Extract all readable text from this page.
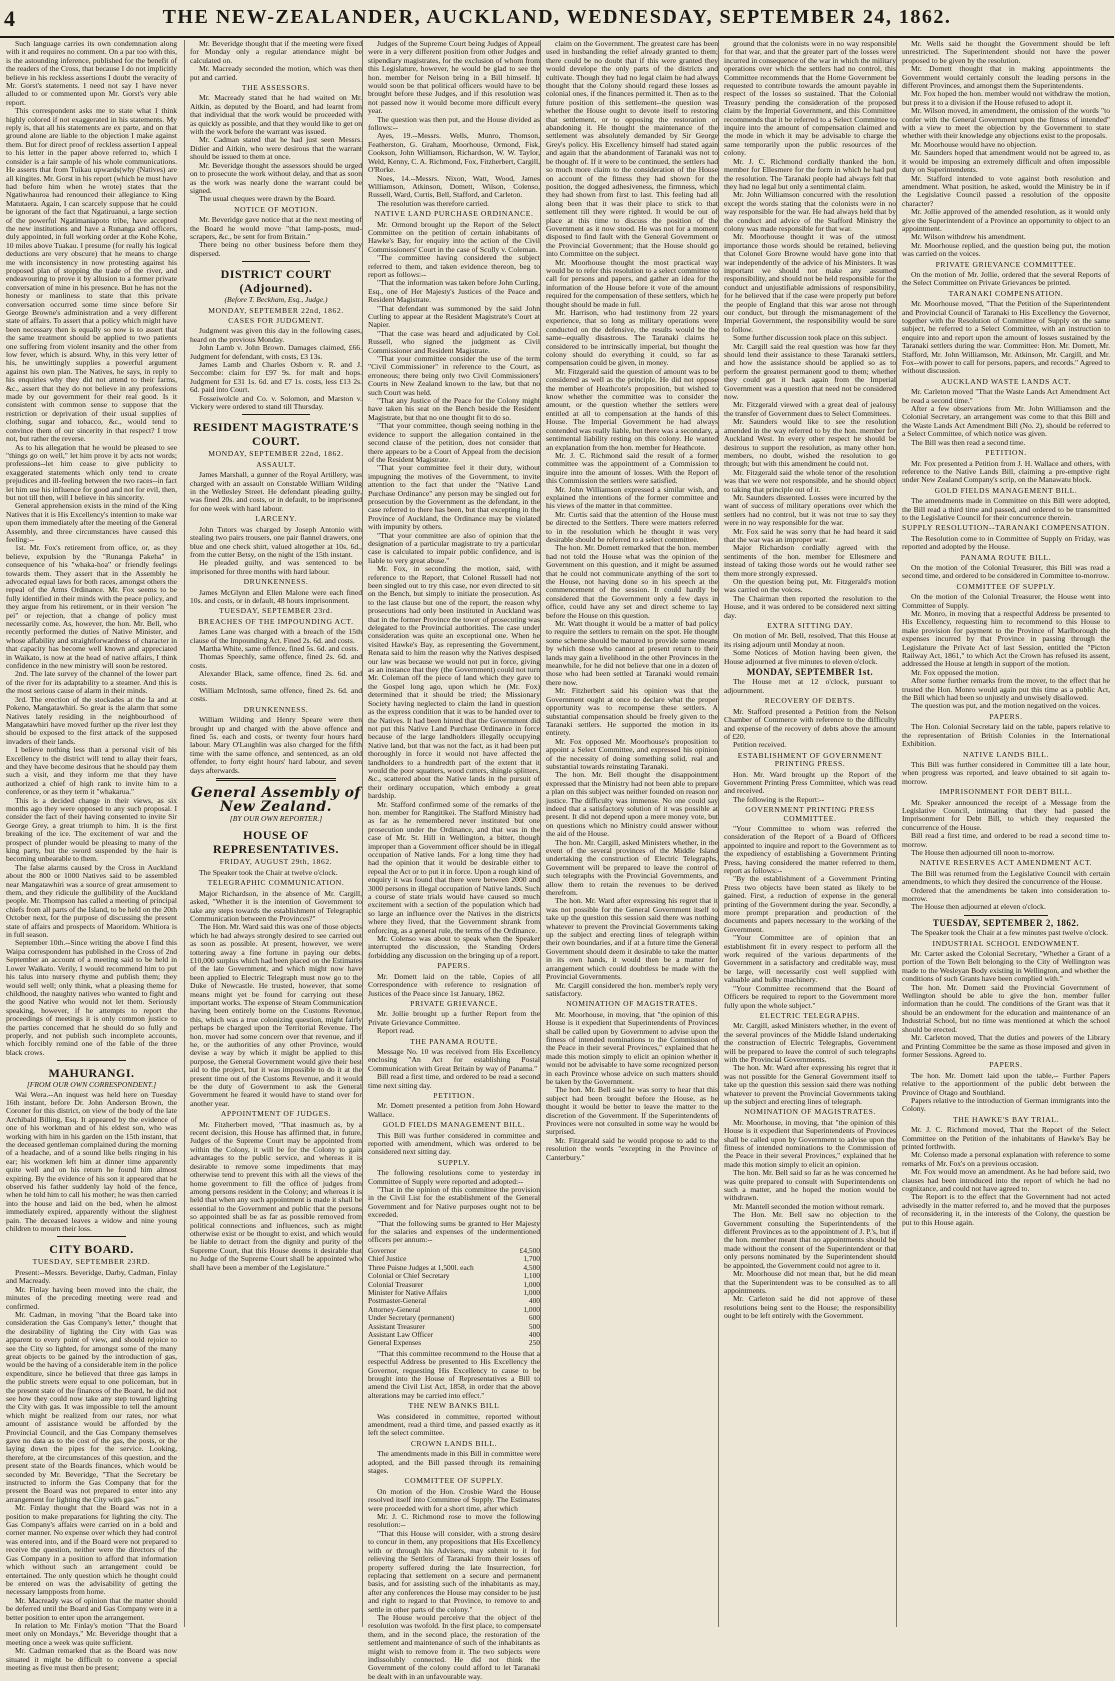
4	THE NEW-ZEALANDER, AUCKLAND, WEDNESDAY, SEPTEMBER 24, 1862.

Such language carries its own condemnation along with it and requires no comment. On a par too with this, is the astounding inference, published for the benefit of the readers of the Cross, that because I do not implicitly believe in his reckless assertions I doubt the veracity of Mr. Gorst's statements. I need not say I have never alluded to or commented upon Mr. Gorst's very able report.

This correspondent asks me to state what I think highly colored if not exaggerated in his statements. My reply is, that all his statements are ex parte, and on that ground alone are liable to the objection I make against them. But for direct proof of reckless assertion I appeal to his letter in the paper above referred to, which I consider is a fair sample of his whole communications. He asserts that from Tuikau upwards(why (Natives) are all kingites. Mr. Gorst in his report (which he must have had before him when he wrote) states that the Ngatiwhauroa had renounced their allegiance to King Matutaera. Again, I can scarcely suppose that he could be ignorant of the fact that Ngatiruanui, a large section of the powerful Ngatimaniapoto tribe, have accepted the new institutions and have a Runanga and officers, duly appointed, in full working order at the Kohe Kohe, 10 miles above Tuakau. I presume (for really his logical deductions are very obscure) that he means to charge me with inconsistency in now protesting against his proposed plan of stopping the trade of the river, and endeavouring to prove it by allusion to a former private conversation of mine in his presence. But he has not the honesty or manliness to state that this private conversation occurred some time since before Sir George Browne's administration and a very different state of affairs. To assert that a policy which might have been necessary then is equally so now is to assert that the same treatment should be applied to two patients one suffering from violent insanity and the other from low fever, which is absurd. Why, in this very letter of his, he unwittingly supplies a powerful argument against his own plan. The Natives, he says, in reply to his enquiries why they did not attend to their farms, &c., assert that they do not believe in any professions made by our government for their real good. Is it consistent with common sense to suppose that the restriction or deprivation of their usual supplies of clothing, sugar and tobacco, &c., would tend to convince them of our sincerity in that respect? I trow not, but rather the reverse.

As to his allegation that he would be pleased to see "things go on well," let him prove it by acts not words; professions--let him cease to give publicity to exaggerated statements which only tend to create prejudices and ill-feeling between the two races--in fact let him use his influence for good and not for evil, then, but not till then, will I believe in his sincerity.

General apprehension exists in the mind of the King Natives that it is His Excellency's intention to make war upon them immediately after the meeting of the General Assembly, and three circumstances have caused this feeling:--

1st. Mr. Fox's retirement from office, or, as they believe, expulsion by the "Runanga Pakeha" in consequence of his "whaka-hoa" or friendly feelings towards them. They assert that in the Assembly he advocated equal laws for both races, amongst others the repeal of the Arms Ordinance. Mr. Fox seems to be fully identified in their minds with the peace policy, and they argue from his retirement, or in their version "he pei" or rejection, that a change of policy must necessarily come. As, however, the hon. Mr. Bell, who recently performed the duties of Native Minister, and whose affability and straightforwardness of character in that capacity has become well known and appreciated in Waikato, is now at the head of native affairs, I think confidence in the new ministry will soon be restored.

2nd. The late survey of the channel of the lower part of the river for its adaptability to a steamer. And this is the most serious cause of alarm in their minds.

3rd. The erection of the stockades at the Ia and at Pokeno, Mangatawhiri. So great is the alarm that some Natives lately residing in the neighbourhood of Mangatawhiri have moved further up the river lest they should be exposed to the first attack of the supposed invaders of their lands.

I believe nothing less than a personal visit of his Excellency to the district will tend to allay their fears, and they have become desirous that he should pay them such a visit, and they inform me that they have authorized a chief of high rank to invite him to a conference, or as they term it "whakarua."

This is a decided change in their views, as six months ago they were opposed to any such proposal. I consider the fact of their having consented to invite Sir George Grey, a great triumph to him. It is the first breaking of the ice. The excitement of war and the prospect of plunder would be pleasing to many of the king party, but the sword suspended by the hair is becoming unbearable to them.

The false alarms caused by the Cross in Auckland about the 800 or 1000 Natives said to be assembled near Mangatawhiri was a source of great amusement to them, and they ridicule the gullibility of the Auckland people. Mr. Thompson has called a meeting of principal chiefs from all parts of the Island, to be held on the 20th October next, for the purpose of discussing the present state of affairs and prospects of Maoridom. Whitiora is in full season.

September 10th.--Since writing the above I find this Waipa correspondent has published in the Cross of 2nd September an account of a meeting said to be held in Lower Waikato. Verily, I would recommend him to put his talus into nursery rhyme and publish them; they would sell well; only think, what a pleasing theme for childhood, the naughty natives who wanted to fight and the good Native who would not let them. Seriously speaking, however, if he attempts to report the proceedings of meetings it is only common justice to the parties concerned that he should do so fully and properly, and not publish such incomplete accounts, which forcibly remind one of the fable of the three black crows.

MAHURANGI.
[FROM OUR OWN CORRESPONDENT.]

Wai Wera.--An inquest was held here on Tuesday 16th instant, before Dr. John Anderson Brown, the Coroner for this district, on view of the body of the late Archibald Billing, Esq. It appeared by the evidence of one of his workman and of his eldest son, who was working with him in his garden on the 15th instant, that the deceased gentleman complained during the morning of a headache, and of a sound like bells ringing in his ear; his workmen left him at dinner time apparently quite well and on his return he found him almost expiring. By the evidence of his son it appeared that he observed his father suddenly lay hold of the fence, when he told him to call his mother; he was then carried into the house and laid on the bed, when he almost immediately expired, apparently without the slightest pain. The deceased leaves a widow and nine young children to mourn their loss.

CITY BOARD.
TUESDAY, SEPTEMBER 23RD.

Present:--Messrs. Beveridge, Darby, Cadman, Finlay and Macready.

Mr. Finlay having been moved into the chair, the minutes of the preceding meeting were read and confirmed.

Mr. Cadman, in moving "that the Board take into consideration the Gas Company's letter," thought that the desirability of lighting the City with Gas was apparent to every point of view, and should rejoice to see the City so lighted, for amongst some of the many great objects to be gained by the introduction of gas, would be the having of a considerable item in the police expenditure, since he believed that three gas lamps in the public streets were equal to one policeman, but in the present state of the finances of the Board, he did not see how they could now take any step toward lighting the City with gas. It was impossible to tell the amount which might be realized from our rates, nor what amount of assistance would be afforded by the Provincial Council, and the Gas Company themselves gave no data as to the cost of the gas, the posts, or the laying down the pipes for the service. Looking, therefore, at the circumstances of this question, and the present state of the Boards finances, which would be seconded by Mr. Beveridge, "That the Secretary be instructed to inform the Gas Company that for the present the Board was not prepared to enter into any arrangement for lighting the City with gas."

Mr. Finlay thought that the Board was not in a position to make preparations for lighting the city. The Gas Company's affairs were carried on in a bold and corner manner. No expense over which they had control was entered into, and if the Board were not prepared to receive the question, neither were the directors of the Gas Company in a position to afford that information which without such an arrangement could be entertained. The only question which he thought could be entered on was the advisability of getting the necessary lampposts from home.

Mr. Macready was of opinion that the matter should be deferred until the Board and Gas Company were in a better position to enter upon the arrangement.

In relation to Mr. Finlay's motion "That the Board meet only on Mondays," Mr. Beveridge thought that a meeting once a week was quite sufficient.

Mr. Cadman remarked that as the Board was now situated it might be difficult to convene a special meeting as five must then be present;

Mr. Beveridge thought that if the meeting were fixed for Monday only a regular attendance might be calculated on.

Mr. Macready seconded the motion, which was then put and carried.

THE ASSESSORS.

Mr. Macready stated that he had waited on Mr. Aitkin, as deputed by the Board, and had learnt from that individual that the work would be proceeded with as quickly as possible, and that they would like to get on with the work before the warrant was issued.

Mr. Cadman stated that he had just seen Messrs. Didier and Aitkin, who were desirous that the warrant should be issued to them at once.

Mr. Beveridge thought the assessors should be urged on to prosecute the work without delay, and that as soon as the work was nearly done the warrant could be signed.

The usual cheques were drawn by the Board.

NOTICE OF MOTION.

Mr. Beveridge gave notice that at the next meeting of the Board he would move "that lamp-posts, mud-scrapers, &c., be sent for from Britain."

There being no other business before them they dispersed.

DISTRICT COURT (Adjourned).
(Before T. Beckham, Esq., Judge.)
MONDAY, SEPTEMBER 22nd, 1862.
CASES FOR JUDGMENT.

Judgment was given this day in the following cases, heard on the previous Monday.

John Lamb v. John Brown. Damages claimed, £66. Judgment for defendant, with costs, £3 13s.

James Lamb and Charles Osborn v. R. and J. Seccombe: claim for £97 9s. for malt and hops. Judgment for £31 1s. 6d. and £7 1s. costs, less £13 2s. 6d. paid into Court.

Fosseiwolcle and Co. v. Solomon, and Marston v. Vickery were ordered to stand till Thursday.

RESIDENT MAGISTRATE'S COURT.
MONDAY, SEPTEMBER 22nd, 1862.
ASSAULT.

James Marshall, a gunner of the Royal Artillery, was charged with an assault on Constable William Wilding in the Wellesley Street. He defendant pleading guilty, was fined 20s. and costs, or in default, to be imprisoned for one week with hard labour.

LARCENY.

John Tutors was charged by Joseph Antonio with stealing two pairs trousers, one pair flannel drawers, one blue and one check shirt, valued altogether at 10s. 6d., from the cutter Betsy, on the night of the 15th instant.

He pleaded guilty, and was sentenced to be imprisoned for three months with hard labour.

DRUNKENNESS.

James McGlynn and Ellen Malone were each fined 10s. and costs, or in default, 48 hours imprisonment.

TUESDAY, SEPTEMBER 23rd.
BREACHES OF THE IMPOUNDING ACT.

James Lane was charged with a breach of the 15th clause of the Impounding Act. Fined 2s. 6d. and costs.

Martha White, same offence, fined 5s. 6d. and costs.

Thomas Speechly, same offence, fined 2s. 6d. and costs.

Alexander Black, same offence, fined 2s. 6d. and costs.

William McIntosh, same offence, fined 2s. 6d. and costs.

DRUNKENNESS.

William Wilding and Henry Speare were then brought up and charged with the above offence and fined 5s. each and costs, or twenty four hours hard labour. Mary O'Laughlin was also charged for the fifth time with the same offence, and sentenced, as an old offender, to forty eight hours' hard labour, and seven days afterwards.

General Assembly of New Zealand.
[BY OUR OWN REPORTER.]
HOUSE OF REPRESENTATIVES.
FRIDAY, AUGUST 29th, 1862.

The Speaker took the Chair at twelve o'clock.

TELEGRAPHIC COMMUNICATION.

Major Richardson, in the absence of Mr. Cargill, asked, "Whether it is the intention of Government to take any steps towards the establishment of Telegraphic Communication between the Provinces?"

The Hon. Mr. Ward said this was one of those objects which he had always strongly desired to see carried out as soon as possible. At present, however, we were tottering away a fine fortune in paying our debts. £10,000 surplus which had been placed on the Estimates of the late Government, and which might now have been applied to Electric Telegraph must now go to the Duke of Newcastle. He trusted, however, that some means might yet be found for carrying out these important works. The expense of Steam Communication having been entirely borne on the Customs Revenue, this, which was a true colonizing question, might fairly perhaps be charged upon the Territorial Revenue. The hon. mover had some concern over that revenue, and if he, or the authorities of any other Province, would devise a way by which it might be applied to this purpose, the General Government would give their best aid to the project, but it was impossible to do it at the present time out of the Customs Revenue, and it would be the duty of Government to ask the General Government he feared it would have to stand over for another year.

APPOINTMENT OF JUDGES.

Mr. Fitzherbert moved, "That inasmuch as, by a recent decision, this House has affirmed that, in future, Judges of the Supreme Court may be appointed from within the Colony, it will be for the Colony to gain advantages to the public service, and whereas it is desirable to remove some impediments that may otherwise tend to prevent this with all the views of the home government to fill the office of judges from among persons resident in the Colony; and whereas it is held that when any such appointment is made it shall be essential to the Government and public that the persons so appointed shall be as far as possible removed from political connections and influences, such as might otherwise exist or be thought to exist, and which would be liable to detract from the dignity and purity of the Supreme Court, that this House deems it desirable that no Judge of the Supreme Court shall be appointed who shall have been a member of the Legislature."

Judges of the Supreme Court being Judges of Appeal were in a very different position from other Judges and stipendiary magistrates, for the exclusion of whom from this Legislature, however, he would be glad to see the hon. member for Nelson bring in a Bill himself. It would soon be that political officers would have to be brought before these Judges, and if this resolution was not passed now it would become more difficult every year.

The question was then put, and the House divided as follows:--

Ayes, 19.--Messrs. Wells, Munro, Thomson, Featherston, G. Graham, Moorhouse, Ormond, Fisk, Cookson, John Williamson, Richardson, W. W. Taylor, Weld, Kenny, C. A. Richmond, Fox, Fitzherbert, Cargill, O'Rorke.

Noes, 14.--Messrs. Nixon, Watt, Wood, James Williamson, Atkinson, Domett, Wilson, Colenso, Russell, Ward, Curtis, Bell, Stafford, and Carleton.

The resolution was therefore carried.

NATIVE LAND PURCHASE ORDINANCE.

Mr. Ormond brought up the Report of the Select Committee on the petition of certain inhabitants of Hawke's Bay, for enquiry into the action of the Civil Commissioners' Court in the case of Scully v. Coleman.

"The committee having considered the subject referred to them, and taken evidence thereon, beg to report as follows:--

"That the information was taken before John Curling, Esq., one of Her Majesty's Justices of the Peace and Resident Magistrate.

"That defendant was summoned by the said John Curling to appear at the Resident Magistrate's Court at Napier.

"That the case was heard and adjudicated by Col. Russell, who signed the judgment as Civil Commissioner and Resident Magistrate.

"That your committee consider the use of the term "Civil Commissioner" in reference to the Court, as erroneous; there being only two Civil Commissioners' Courts in New Zealand known to the law, but that no such Court was held.

"That any Justice of the Peace for the Colony might have taken his seat on the Bench beside the Resident Magistrate, but that no one thought fit to do so.

"That your committee, though seeing nothing in the evidence to support the allegation contained in the second clause of the petition, does not consider that there appears to be a Court of Appeal from the decision of the Resident Magistrate.

"That your committee feel it their duty, without impugning the motives of the Government, to invite attention to the fact that under the "Native Land Purchase Ordinance" any person may be singled out for prosecution by the Government as the defendant, in the case referred to there has been, but that excepting in the Province of Auckland, the Ordinance may be violated with impunity by others.

"That your committee are also of opinion that the designation of a particular magistrate to try a particular case is calculated to impair public confidence, and is liable to very great abuse."

Mr. Fox, in seconding the motion, said, with reference to the Report, that Colonel Russell had not been singled out to try this case, nor even directed to sit on the Bench, but simply to initiate the prosecution. As to the last clause but one of the report, the reason why prosecutions had only been instituted in Auckland was that in the former Province the tower of prosecuting was delegated to the Provincial authorities. The case under consideration was quite an exceptional one. When he visited Hawke's Bay, as representing the Government, Renata said to him the reason why the Natives despised our law was because we would not put in force, giving as an instance that they (the Government) could not turn Mr. Coleman off the piece of land which they gave to the Gospel long ago, upon which he (Mr. Fox) determined that it should be tried; the Missionary Society having neglected to claim the land in question as the express condition that it was to be handed over to the Natives. It had been hinted that the Government did not put this Native Land Purchase Ordinance in force because of the large landholders illegally occupying Native land, but that was not the fact, as it had been put thoroughly in force it would not have affected the landholders to a hundredth part of the extent that it would the poor squatters, wood cutters, shingle splitters, &c., scattered about the Native lands in the pursuit of their ordinary occupation, which embody a great hardship.

Mr. Stafford confirmed some of the remarks of the hon. member for Rangitikei. The Stafford Ministry had as far as he remembered never instituted but one prosecution under the Ordinance, and that was in the case of Mr. St. Hill in Wellington, a bitter, though improper than a Government officer should be in illegal occupation of Native lands. For a long time they had had the opinion that it would be desirable either to repeal the Act or to put it in force. Upon a rough kind of enquiry it was found that there were between 2000 and 3000 persons in illegal occupation of Native lands. Such a course of state trials would have caused so much excitement with a section of the population which had so large an influence over the Natives in the districts where they lived, that the Government shrank from enforcing, as a general rule, the terms of the Ordinance.

Mr. Colenso was about to speak when the Speaker interrupted the discussion, the Standing Orders forbidding any discussion on the bringing up of a report.

PAPERS.

Mr. Domett laid on the table, Copies of all Correspondence with reference to resignation of Justices of the Peace since 1st January, 1862.

PRIVATE GRIEVANCE.

Mr. Jollie brought up a further Report from the Private Grievance Committee.

Report read.

THE PANAMA ROUTE.

Message No. 10 was received from His Excellency enclosing "An Act for establishing Postal Communication with Great Britain by way of Panama."

Bill read a first time, and ordered to be read a second time next sitting day.

PETITION.

Mr. Domett presented a petition from John Howard Wallace.

GOLD FIELDS MANAGEMENT BILL.

This Bill was further considered in committee and reported with amendment, which was ordered to be considered next sitting day.

SUPPLY.

The following resolutions come to yesterday in Committee of Supply were reported and adopted:--

"That in the opinion of this committee the provision in the Civil List for the establishment of the General Government and for Native purposes ought not to be exceeded.

"That the following sums be granted to Her Majesty for the salaries and expenses of the undermentioned officers per annum:--

Governor	£4,500
Chief Justice	1,700
Three Puisne Judges at 1,500l. each	4,500
Colonial or Chief Secretary	1,100
Colonial Treasurer	1,000
Minister for Native Affairs	1,000
Postmaster-General	400
Attorney-General	1,000
Under Secretary (permanent)	600
Assistant Treasurer	500
Assistant Law Officer	400
General Expenses	250

"That this committee recommend to the House that a respectful Address be presented to His Excellency the Governor, requesting His Excellency to cause to be brought into the House of Representatives a Bill to amend the Civil List Act, 1858, in order that the above alterations may be carried into effect."

THE NEW BANKS BILL

Was considered in committee, reported without amendment, read a third time, and passed exactly as it left the select committee.

CROWN LANDS BILL.

The amendments made in this Bill in committee were adopted, and the Bill passed through its remaining stages.

COMMITTEE OF SUPPLY.

On motion of the Hon. Crosbie Ward the House resolved itself into Committee of Supply. The Estimates were proceeded with for a short time, after which

Mr. J. C. Richmond rose to move the following resolution:--

"That this House will consider, with a strong desire to concur in them, any propositions that His Excellency with or through his Advisers, may submit to it for relieving the Settlers of Taranaki from their losses of property suffered during the late Insurrection, for replacing that settlement on a secure and permanent basis, and for assisting such of the inhabitants as may, after any conferences the House may consider to be just and right to regard to that Province, to remove to and settle in other parts of the colony."

The House would perceive that the object of the resolution was twofold. In the first place, to compensate them, and in the second place, the restoration of the settlement and maintenance of such of the inhabitants as might wish to remove from it. The two subjects were indissolubly connected. He did not think the Government of the colony could afford to let Taranaki be dealt with in an unfavourable way.

claim on the Government. The greatest care has been used in husbanding the relief already granted to them; there could be no doubt that if this were granted they would develope the only parts of the districts and cultivate. Though they had no legal claim he had always thought that the Colony should regard these losses as colonial ones, if the finances permitted it. Then as to the future position of this settlement--the question was whether the House ought to devote itself to restoring that settlement, or to opposing the restoration or abandoning it. He thought the maintenance of the settlement was absolutely demanded by Sir George Grey's policy. His Excellency himself had stated again and again that the abandonment of Taranaki was not to be thought of. If it were to be continued, the settlers had so much more claim to the consideration of the House on account of the fitness they had shown for the position, the dogged adhesiveness, the firmness, which they had shown from first to last. This feeling had all along been that it was their place to stick to that settlement till they were righted. It would be out of place at this time to discuss the position of the Government as it now stood. He was not for a moment disposed to find fault with the General Government or the Provincial Government; that the House should go into Committee on the subject.

Mr. Moorhouse thought the most practical way would be to refer this resolution to a select committee to call for persons and papers, and gather an idea for the information of the House before it vote of the amount required for the compensation of these settlers, which he thought should be made in full.

Mr. Harrison, who had testimony from 22 years experience, that so long as military operations were conducted on the defensive, the results would be the same--equally disastrous. The Taranaki claims he considered to be intrinsically imperial, but thought the colony should do everything it could, so far as compensation could be given, in money.

Mr. Fitzgerald said the question of amount was to be considered as well as the principle. He did not oppose the member of Heathcote's proposition, but wished to know whether the committee was to consider the amount, or the question whether the settlers were entitled at all to compensation at the hands of this House. The Imperial Government he had always contended was really liable, but there was a secondary, a sentimental liability resting on this colony. He wanted an explanation from the hon. member for Heathcote.

Mr. J. C. Richmond said the result of a former committee was the appointment of a Commission to inquire into the amount of losses. With the Report of this Commission the settlers were satisfied.

Mr. John Williamson expressed a similar wish, and explained the intentions of the former committee and his views of the matter in that committee.

Mr. Curtis said that the attention of the House must be directed to the Settlers. There were matters referred to in the resolution which he thought it was very desirable should be referred to a select committee.

The hon. Mr. Domett remarked that the hon. member had not told the House what was the opinion of the Government on this question, and it might be assumed that he could not communicate anything of the sort to the House, not having done so in his speech at the commencement of the session. It could hardly be considered that the Government only a few days in office, could have any set and direct scheme to lay before the House on this question.

Mr. Watt thought it would be a matter of bad policy to require the settlers to remain on the spot. He thought some scheme should be matured to provide some means by which those who cannot at present return to their lands may gain a livelihood in the other Provinces in the meanwhile, for he did not believe that one in a dozen of those who had been settled at Taranaki would remain there now.

Mr. Fitzherbert said his opinion was that the Government ought at once to declare what the proper opportunity was to recompense these settlers. A substantial compensation should be freely given to the Taranaki settlers. He supported the motion in its entirety.

Mr. Fox opposed Mr. Moorhouse's proposition to appoint a Select Committee, and expressed his opinion of the necessity of doing something solid, real and substantial towards reinstating Taranaki.

The hon. Mr. Bell thought the disappointment expressed that the Ministry had not been able to prepare a plan on this subject was neither founded on reason nor justice. The difficulty was immense. No one could say indeed that a satisfactory solution of it was possible at present. It did not depend upon a mere money vote, but on questions which no Ministry could answer without the aid of the House.

The hon. Mr. Cargill, asked Ministers whether, in the event of the several provinces of the Middle Island undertaking the construction of Electric Telegraphs, Government will be prepared to leave the control of such telegraphs with the Provincial Governments, and allow them to retain the revenues to be derived therefrom.

The hon. Mr. Ward after expressing his regret that it was not possible for the General Government itself to take up the question this session said there was nothing whatever to prevent the Provincial Governments taking up the subject and erecting lines of telegraph within their own boundaries, and if at a future time the General Government should deem it desirable to take the matter in its own hands, it would then be a matter for arrangement which could doubtless be made with the Provincial Governments.

Mr. Cargill considered the hon. member's reply very satisfactory.

NOMINATION OF MAGISTRATES.

Mr. Moorhouse, in moving, that "the opinion of this House is it expedient that Superintendents of Provinces shall be called upon by Government to advise upon the fitness of intended nominations to the Commission of the Peace in their several Provinces," explained that he made this motion simply to elicit an opinion whether it would not be advisable to have some recognized person in each Province whose advice on such matters should be taken by the Government.

The hon. Mr. Bell said he was sorry to hear that this subject had been brought before the House, as he thought it would be better to leave the matter to the discretion of the Government. If the Superintendents of Provinces were not consulted in some way he would be surprised.

Mr. Fitzgerald said he would propose to add to the resolution the words "excepting in the Province of Canterbury."

ground that the colonists were in no way responsible for that war, and that the greater part of the losses were incurred in consequence of the war in which the military operations over which the settlers had no control, this Committee recommends that the Home Government be requested to contribute towards the amount payable in respect of the losses so sustained. That the Colonial Treasury pending the consideration of the proposed claim by the Imperial Government, and this Committee recommends that it be referred to a Select Committee to inquire into the amount of compensation claimed and the mode in which it may be advisable to charge the same temporarily upon the public resources of the colony.

Mr. J. C. Richmond cordially thanked the hon. member for Ellesmere for the form in which he had put the resolution. The Taranaki people had always felt that they had no legal but only a sentimental claim.

Mr. John Williamson concurred with the resolution except the words stating that the colonists were in no way responsible for the war. He had always held that by the conduct and advice of the Stafford Ministry the colony was made responsible for that war.

Mr. Moorhouse thought it was of the utmost importance those words should be retained, believing that Colonel Gore Browne would have gone into that war independently of the advice of his Ministers. It was important we should not make any assumed responsibility, and should not be held responsible for the conduct and unjustifiable admissions of responsibility, for he believed that if the case were properly put before the people of England that this war arose not through our conduct, but through the mismanagement of the Imperial Government, the responsibility would be sure to follow.

Some further discussion took place on this subject.

Mr. Cargill said the real question was how far they should lend their assistance to these Taranaki settlers, and how the assistance should be applied so as to perform the greatest permanent good to them; whether they could get it back again from the Imperial Government was a question that need not be considered now.

Mr. Fitzgerald viewed with a great deal of jealousy the transfer of Government dues to Select Committees.

Mr. Saunders would like to see the resolution amended in the way referred to by the hon. member for Auckland West. In every other respect he should be desirous to support the resolution, as many other hon. members, no doubt, wished the resolution to go through; but with this amendment he could not.

Mr. Fitzgerald said the whole tenor of the resolution was that we were not responsible, and he should object to taking that principle out of it.

Mr. Saunders dissented. Losses were incurred by the want of success of military operations over which the settlers had no control, but it was not true to say they were in no way responsible for the war.

Mr. Fox said he was sorry that he had heard it said that the war was an improper war.

Major Richardson cordially agreed with the sentiments of the hon. member for Ellesmere and instead of taking those words out he would rather see them more strongly expressed.

On the question being put, Mr. Fitzgerald's motion was carried on the voices.

The Chairman then reported the resolution to the House, and it was ordered to be considered next sitting day.

EXTRA SITTING DAY.

On motion of Mr. Bell, resolved, That this House at its rising adjourn until Monday at noon.

Some Notices of Motion having been given, the House adjourned at five minutes to eleven o'clock.

MONDAY, SEPTEMBER 1st.

The House met at 12 o'clock, pursuant to adjournment.

RECOVERY OF DEBTS.

Mr. Stafford presented a Petition from the Nelson Chamber of Commerce with reference to the difficulty and expense of the recovery of debts above the amount of £20.

Petition received.

ESTABLISHMENT OF GOVERNMENT PRINTING PRESS.

Hon. Mr. Ward brought up the Report of the Government Printing Press Committee, which was read and received.

The following is the Report:--

GOVERNMENT PRINTING PRESS COMMITTEE.

"Your Committee to whom was referred the consideration of the Report of a Board of Officers appointed to inquire and report to the Government as to the expediency of establishing a Government Printing Press, having considered the matter referred to them, report as follows:--

"By the establishment of a Government Printing Press two objects have been stated as likely to be gained. First, a reduction of expense in the general printing of the Government during the year. Secondly, a more prompt preparation and production of the documents and papers necessary to the working of the Government.

"Your Committee are of opinion that an establishment fit in every respect to perform all the work required of the various departments of the Government in a satisfactory and creditable way, must be large, will necessarily cost well supplied with valuable and bulky machinery.

"Your Committee recommend that the Board of Officers be required to report to the Government more fully upon the whole subject."

ELECTRIC TELEGRAPHS.

Mr. Cargill, asked Ministers whether, in the event of the several provinces of the Middle Island undertaking the construction of Electric Telegraphs, Government will be prepared to leave the control of such telegraphs with the Provincial Governments.

The hon. Mr. Ward after expressing his regret that it was not possible for the General Government itself to take up the question this session said there was nothing whatever to prevent the Provincial Governments taking up the subject and erecting lines of telegraph.

NOMINATION OF MAGISTRATES.

Mr. Moorhouse, in moving, that "the opinion of this House is it expedient that Superintendents of Provinces shall be called upon by Government to advise upon the fitness of intended nominations to the Commission of the Peace in their several Provinces," explained that he made this motion simply to elicit an opinion.

The hon. Mr. Bell said so far as he was concerned he was quite prepared to consult with Superintendents on such a matter, and he hoped the motion would be withdrawn.

Mr. Mantell seconded the motion without remark.

The Hon. Mr. Bell saw no objection to the Government consulting the Superintendents of the different Provinces as to the appointment of J. P.'s, but if the hon. member meant that no appointments should be made without the consent of the Superintendent or that only persons nominated by the Superintendent should be appointed, the Government could not agree to it.

Mr. Moorhouse did not mean that, but he did mean that the Superintendent was to be consulted as to all appointments.

Mr. Carleton said he did not approve of these resolutions being sent to the House; the responsibility ought to be left entirely with the Government.

Mr. Wells said he thought the Government should be left unrestricted. The Superintendent should not have the power proposed to be given by the resolution.

Mr. Domett thought that in making appointments the Government would certainly consult the leading persons in the different Provinces, and amongst them the Superintendents.

Mr. Fox hoped the hon. member would not withdraw the motion, but press it to a division if the House refused to adopt it.

Mr. Wilson moved, in amendment, the omission of the words "to confer with the General Government upon the fitness of intended" with a view to meet the objection by the Government to state whether with their knowledge any objections exist to the proposals.

Mr. Moorhouse would have no objection.

Mr. Saunders hoped that amendment would not be agreed to, as it would be imposing an extremely difficult and often impossible duty on Superintendents.

Mr. Stafford intended to vote against both resolution and amendment. What position, he asked, would the Ministry be in if the Legislative Council passed a resolution of the opposite character?

Mr. Jollie approved of the amended resolution, as it would only give the Superintendent of a Province an opportunity to object to an appointment.

Mr. Wilson withdrew his amendment.

Mr. Moorhouse replied, and the question being put, the motion was carried on the voices.

PRIVATE GRIEVANCE COMMITTEE.

On the motion of Mr. Jollie, ordered that the several Reports of the Select Committee on Private Grievances be printed.

TARANAKI COMPENSATION.

Mr. Moorhouse moved, "That the Petition of the Superintendent and Provincial Council of Taranaki to His Excellency the Governor, together with the Resolution of Committee of Supply on the same subject, be referred to a Select Committee, with an instruction to enquire into and report upon the amount of losses sustained by the Taranaki settlers during the war. Committee: Hon. Mr. Domett, Mr. Stafford, Mr. John Williamson, Mr. Atkinson, Mr. Cargill, and Mr. Fox--with power to call for persons, papers, and records." Agreed to without discussion.

AUCKLAND WASTE LANDS ACT.

Mr. Carleton moved "That the Waste Lands Act Amendment Act be read a second time."

After a few observations from Mr. John Williamson and the Colonial Secretary, an arrangement was come to that this Bill and the Waste Lands Act Amendment Bill (No. 2), should be referred to a Select Committee, of which notice was given.

The Bill was then read a second time.

PETITION.

Mr. Fox presented a Petition from J. H. Wallace and others, with reference to the Native Lands Bill, claiming a pre-emptive right under New Zealand Company's scrip, on the Manawatu block.

GOLD FIELDS MANAGEMENT BILL.

The amendments made in Committee on this Bill were adopted, the Bill read a third time and passed, and ordered to be transmitted to the Legislative Council for their concurrence therein.

SUPPLY RESOLUTION--TARANAKI COMPENSATION.

The Resolution come to in Committee of Supply on Friday, was reported and adopted by the House.

PANAMA ROUTE BILL.

On the motion of the Colonial Treasurer, this Bill was read a second time, and ordered to be considered in Committee to-morrow.

COMMITTEE OF SUPPLY.

On the motion of the Colonial Treasurer, the House went into Committee of Supply.

Mr. Monro, in moving that a respectful Address be presented to His Excellency, requesting him to recommend to this House to make provision for payment to the Province of Marlborough the expenses incurred by that Province in passing through the Legislature the Private Act of last Session, entitled the "Picton Railway Act, 1861," to which Act the Crown has refused its assent, addressed the House at length in support of the motion.

Mr. Fox opposed the motion.

After some further remarks from the mover, to the effect that he trusted the Hon. Monro would again put this time as a public Act, the Bill which had been so unjustly and unwisely disallowed.

The question was put, and the motion negatived on the voices.

PAPERS.

The Hon. Colonial Secretary laid on the table, papers relative to the representation of British Colonies in the International Exhibition.

NATIVE LANDS BILL.

This Bill was further considered in Committee till a late hour, when progress was reported, and leave obtained to sit again to-morrow.

IMPRISONMENT FOR DEBT BILL.

Mr. Speaker announced the receipt of a Message from the Legislative Council, intimating that they had passed the Imprisonment for Debt Bill, to which they requested the concurrence of the House.

Bill read a first time, and ordered to be read a second time to-morrow.

The House then adjourned till noon to-morrow.

NATIVE RESERVES ACT AMENDMENT ACT.

The Bill was returned from the Legislative Council with certain amendments, to which they desired the concurrence of the House.

Ordered that the amendments be taken into consideration to-morrow.

The House then adjourned at eleven o'clock.

TUESDAY, SEPTEMBER 2, 1862.

The Speaker took the Chair at a few minutes past twelve o'clock.

INDUSTRIAL SCHOOL ENDOWMENT.

Mr. Carter asked the Colonial Secretary, "Whether a Grant of a portion of the Town Belt belonging to the City of Wellington was made to the Wesleyan Body existing in Wellington, and whether the conditions of such Grants have been complied with."

The hon. Mr. Domett said the Provincial Government of Wellington should be able to give the hon. member fuller information than he could. The conditions of the Grant was that it should be an endowment for the education and maintenance of an Industrial School, but no time was mentioned at which the school should be erected.

Mr. Carleton moved, That the duties and powers of the Library and Printing Committee be the same as those imposed and given in former Sessions. Agreed to.

PAPERS.

The hon. Mr. Domett laid upon the table,-- Further Papers relative to the apportionment of the public debt between the Province of Otago and Southland.

Papers relative to the introduction of German immigrants into the Colony.

THE HAWKE'S BAY TRIAL.

Mr. J. C. Richmond moved, That the Report of the Select Committee on the Petition of the inhabitants of Hawke's Bay be printed forthwith.

Mr. Colenso made a personal explanation with reference to some remarks of Mr. Fox's on a previous occasion.

Mr. Fox would move an amendment. As he had before said, two clauses had been introduced into the report of which he had no cognizance, and could not have agreed to.

The Report is to the effect that the Government had not acted advisedly in the matter referred to, and he moved that the purposes of reconsidering it, in the interests of the Colony, the question be put to this House again.
